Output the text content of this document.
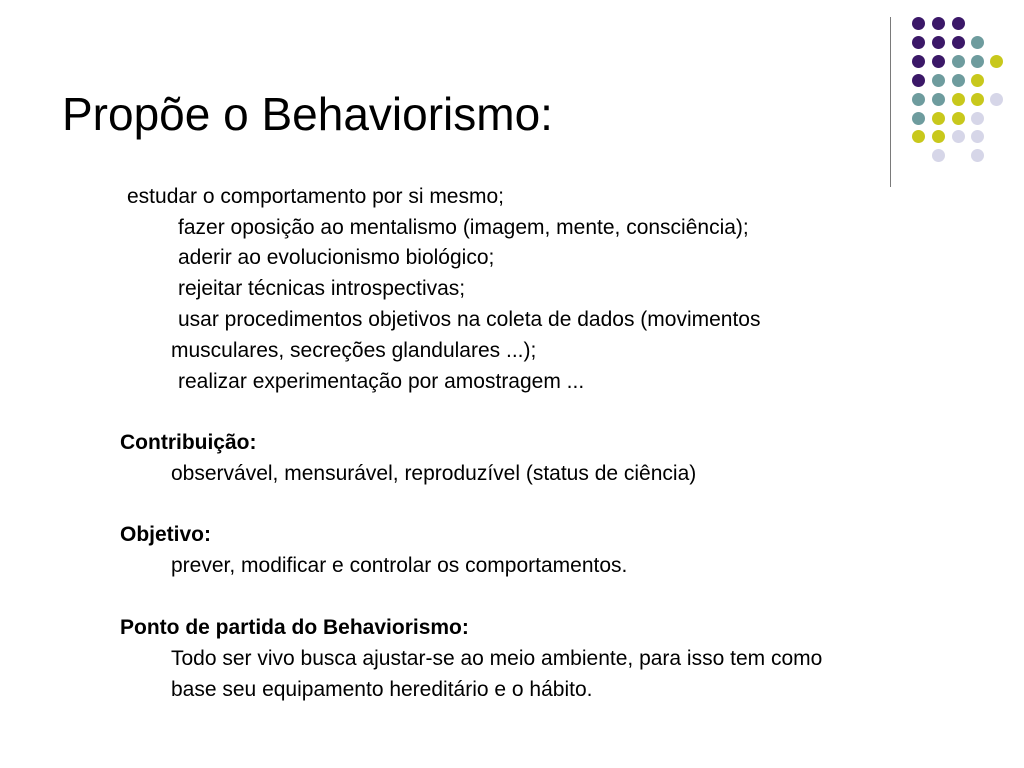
Propõe o Behaviorismo:
estudar o comportamento por si mesmo;
fazer oposição ao mentalismo (imagem, mente, consciência);
aderir ao evolucionismo biológico;
rejeitar técnicas introspectivas;
usar procedimentos objetivos na coleta de dados (movimentos
musculares, secreções glandulares ...);
realizar experimentação por amostragem ...
Contribuição:
observável, mensurável, reproduzível (status de ciência)
Objetivo:
prever, modificar e controlar os comportamentos.
Ponto de partida do Behaviorismo:
Todo ser vivo busca ajustar-se ao meio ambiente, para isso tem como
base seu equipamento hereditário e o hábito.
